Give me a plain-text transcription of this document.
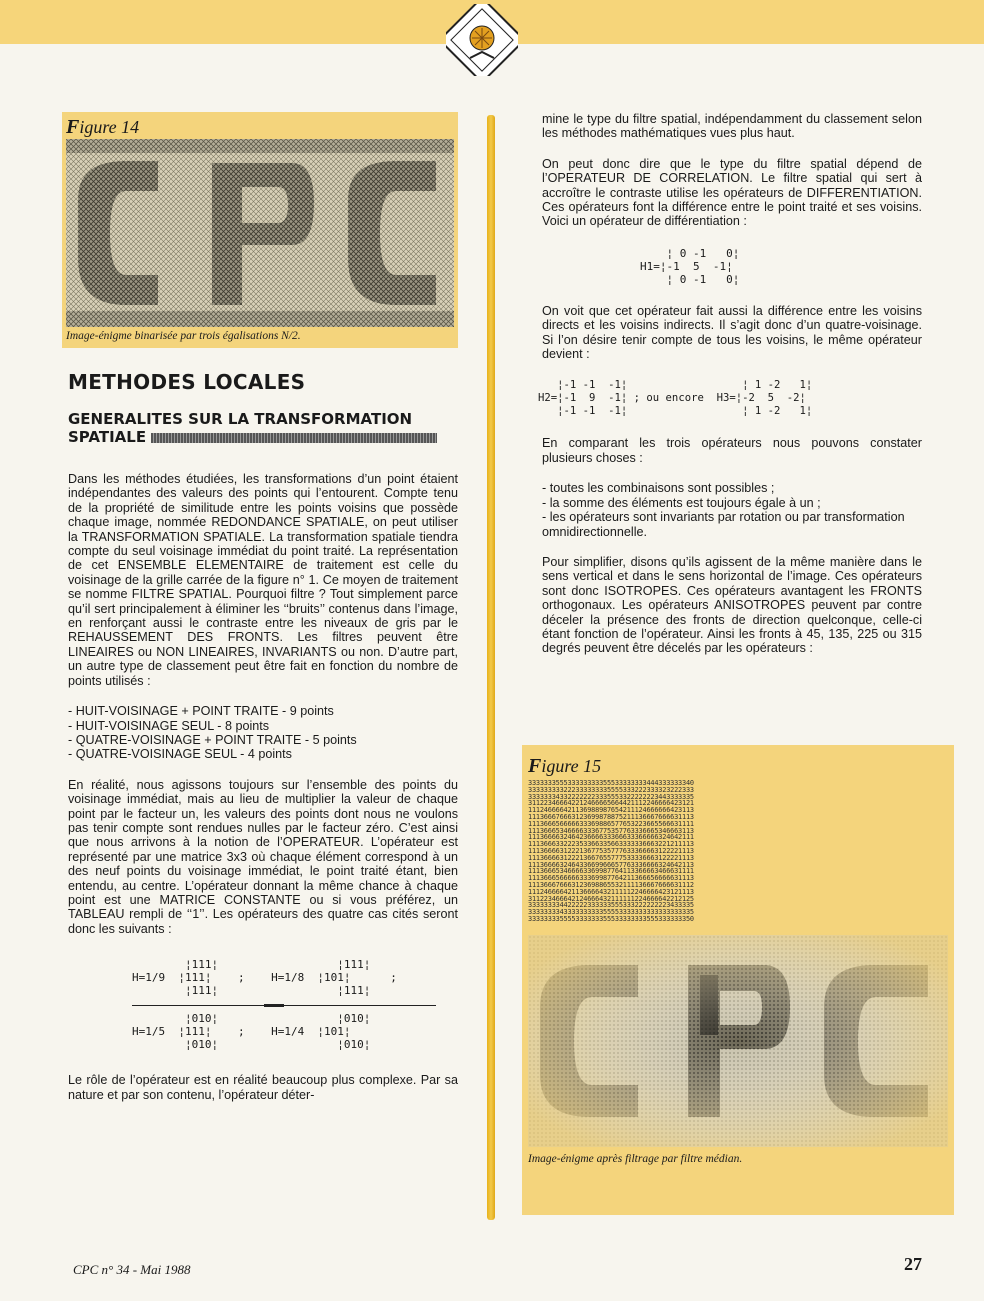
Figure 14
Image-énigme binarisée par trois égalisations N/2.
METHODES LOCALES
GENERALITES SUR LA TRANSFORMATION SPATIALE

Dans les méthodes étudiées, les transformations d’un point étaient indépendantes des valeurs des points qui l’entourent. Compte tenu de la propriété de similitude entre les points voisins que possède chaque image, nommée REDONDANCE SPATIALE, on peut utiliser la TRANSFORMATION SPATIALE. La transformation spatiale tiendra compte du seul voisinage immédiat du point traité. La représentation de cet ENSEMBLE ELEMENTAIRE de traitement est celle du voisinage de la grille carrée de la figure n° 1. Ce moyen de traitement se nomme FILTRE SPATIAL. Pourquoi filtre ? Tout simplement parce qu’il sert principalement à éliminer les ‘‘bruits’’ contenus dans l’image, en renforçant aussi le contraste entre les niveaux de gris par le REHAUSSEMENT DES FRONTS. Les filtres peuvent être LINEAIRES ou NON LINEAIRES, INVARIANTS ou non. D’autre part, un autre type de classement peut être fait en fonction du nombre de points utilisés :

- HUIT-VOISINAGE + POINT TRAITE - 9 points
- HUIT-VOISINAGE SEUL - 8 points
- QUATRE-VOISINAGE + POINT TRAITE - 5 points
- QUATRE-VOISINAGE SEUL - 4 points

En réalité, nous agissons toujours sur l’ensemble des points du voisinage immédiat, mais au lieu de multiplier la valeur de chaque point par le facteur un, les valeurs des points dont nous ne voulons pas tenir compte sont rendues nulles par le facteur zéro. C’est ainsi que nous arrivons à la notion de l’OPERATEUR. L’opérateur est représenté par une matrice 3x3 où chaque élément correspond à un des neuf points du voisinage immédiat, le point traité étant, bien entendu, au centre. L’opérateur donnant la même chance à chaque point est une MATRICE CONSTANTE ou si vous préférez, un TABLEAU rempli de ‘‘1’’. Les opérateurs des quatre cas cités seront donc les suivants :

¦111¦                  ¦111¦
H=1/9  ¦111¦    ;    H=1/8  ¦101¦      ;
¦111¦                  ¦111¦
¦010¦                  ¦010¦
H=1/5  ¦111¦    ;    H=1/4  ¦101¦
¦010¦                  ¦010¦

Le rôle de l’opérateur est en réalité beaucoup plus complexe. Par sa nature et par son contenu, l’opérateur déter-

mine le type du filtre spatial, indépendamment du classement selon les méthodes mathématiques vues plus haut.

On peut donc dire que le type du filtre spatial dépend de l’OPERATEUR DE CORRELATION. Le filtre spatial qui sert à accroître le contraste utilise les opérateurs de DIFFERENTIATION. Ces opérateurs font la différence entre le point traité et ses voisins. Voici un opérateur de différentiation :

¦ 0 -1   0¦
H1=¦-1  5  -1¦
¦ 0 -1   0¦

On voit que cet opérateur fait aussi la différence entre les voisins directs et les voisins indirects. Il s’agit donc d’un quatre-voisinage. Si l’on désire tenir compte de tous les voisins, le même opérateur devient :

¦-1 -1  -1¦                  ¦ 1 -2   1¦
H2=¦-1  9  -1¦ ; ou encore  H3=¦-2  5  -2¦
¦-1 -1  -1¦                  ¦ 1 -2   1¦

En comparant les trois opérateurs nous pouvons constater plusieurs choses :

- toutes les combinaisons sont possibles ;
- la somme des éléments est toujours égale à un ;
- les opérateurs sont invariants par rotation ou par transformation omnidirectionnelle.

Pour simplifier, disons qu’ils agissent de la même manière dans le sens vertical et dans le sens horizontal de l’image. Ces opérateurs sont donc ISOTROPES. Ces opérateurs avantagent les FRONTS orthogonaux. Les opérateurs ANISOTROPES peuvent par contre déceler la présence des fronts de direction quelconque, celle-ci étant fonction de l’opérateur. Ainsi les fronts à 45, 135, 225 ou 315 degrés peuvent être décelés par les opérateurs :

Figure 15
333333355533333333355533333333444333333340
333333333222333333335555333222333323222333
333333343322222223335553322222223443333335
311223466642212466665664421112246666423121
111246666421136988987654211124666666423113
111366676663123699878875211136667666631113
111366656666633369886577653223665566631111
111366653466663336775357763336665346663113
111366663246423666633366633366666324642111
111366633222353366335663333336663221211113
111366663122213677535777633366663122221113
111366663122213667655777533336663122221113
111366663246433669966657763336666324642113
111366653466663369987764113366663466631111
111366656666633369987764211366656666631113
111366676663123698865532111136667666631112
111246666421136666432111112246666423121113
311223466642124666432111111224666642212125
333333334422222333333555333222222223433335
333333334333333333355553333333333333333335
333333335555333333355533333333555333333350
Image-énigme après filtrage par filtre médian.
CPC n° 34 - Mai 1988	27
